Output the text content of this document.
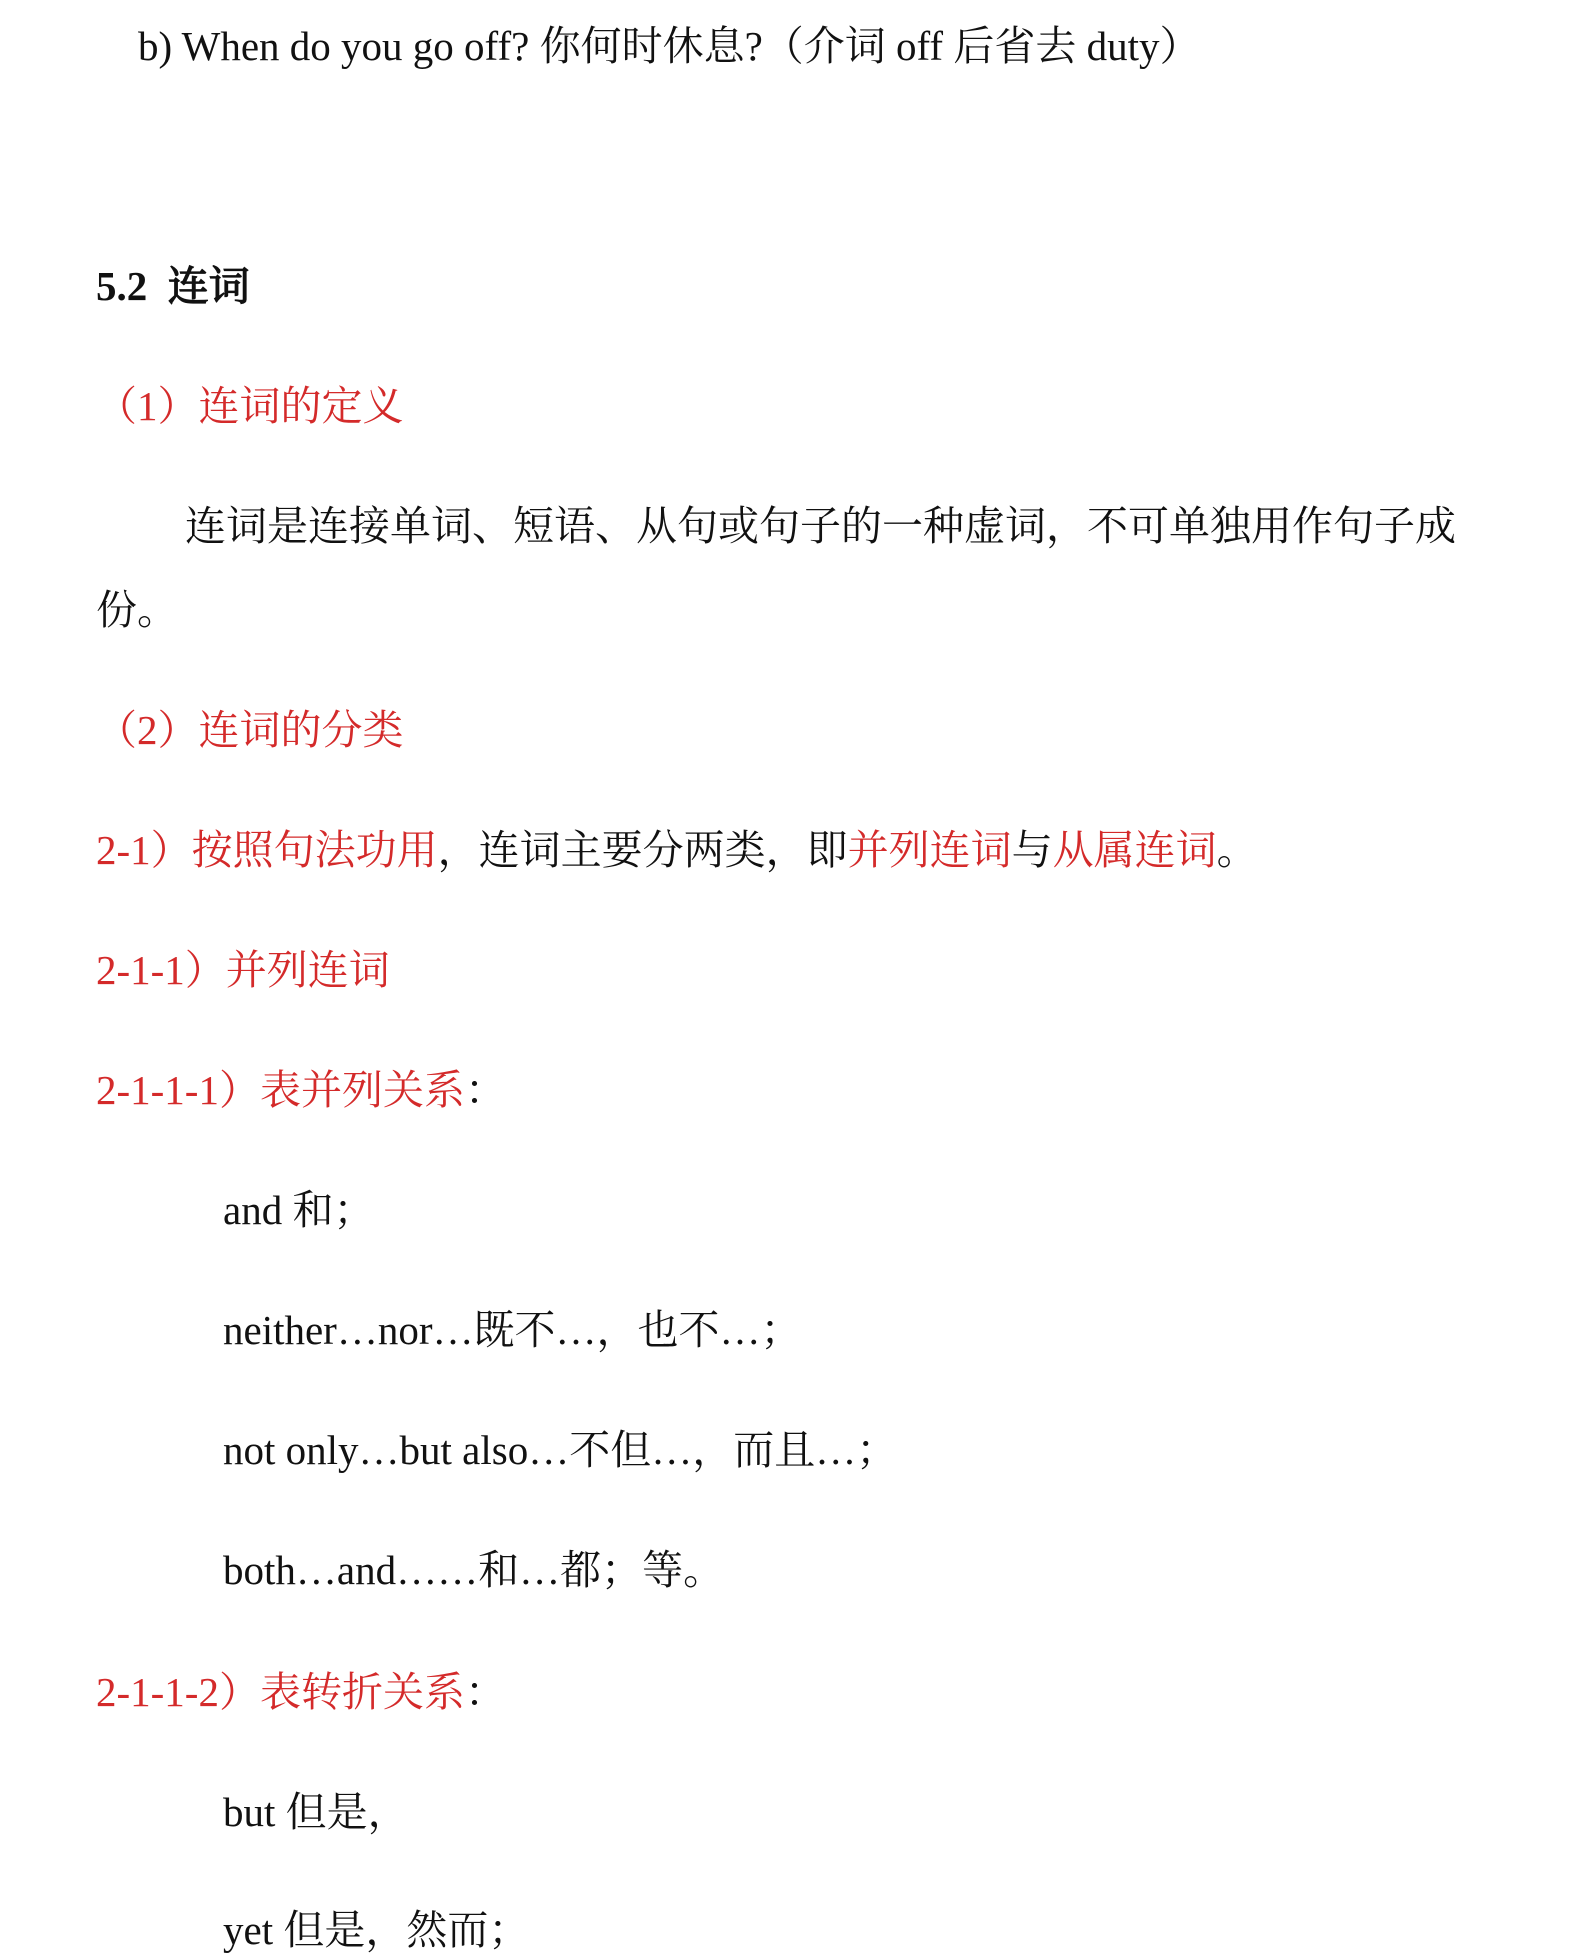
b) When do you go off? 你何时休息?（介词 off 后省去 duty）
5.2 连词
（1）连词的定义
连词是连接单词、短语、从句或句子的一种虚词，不可单独用作句子成
份。
（2）连词的分类
2-1）按照句法功用，连词主要分两类，即并列连词与从属连词。
2-1-1）并列连词
2-1-1-1）表并列关系：
and 和；
neither…nor…既不…，也不…；
not only…but also…不但…，而且…；
both…and……和…都；等。
2-1-1-2）表转折关系：
but 但是，
yet 但是，然而；
